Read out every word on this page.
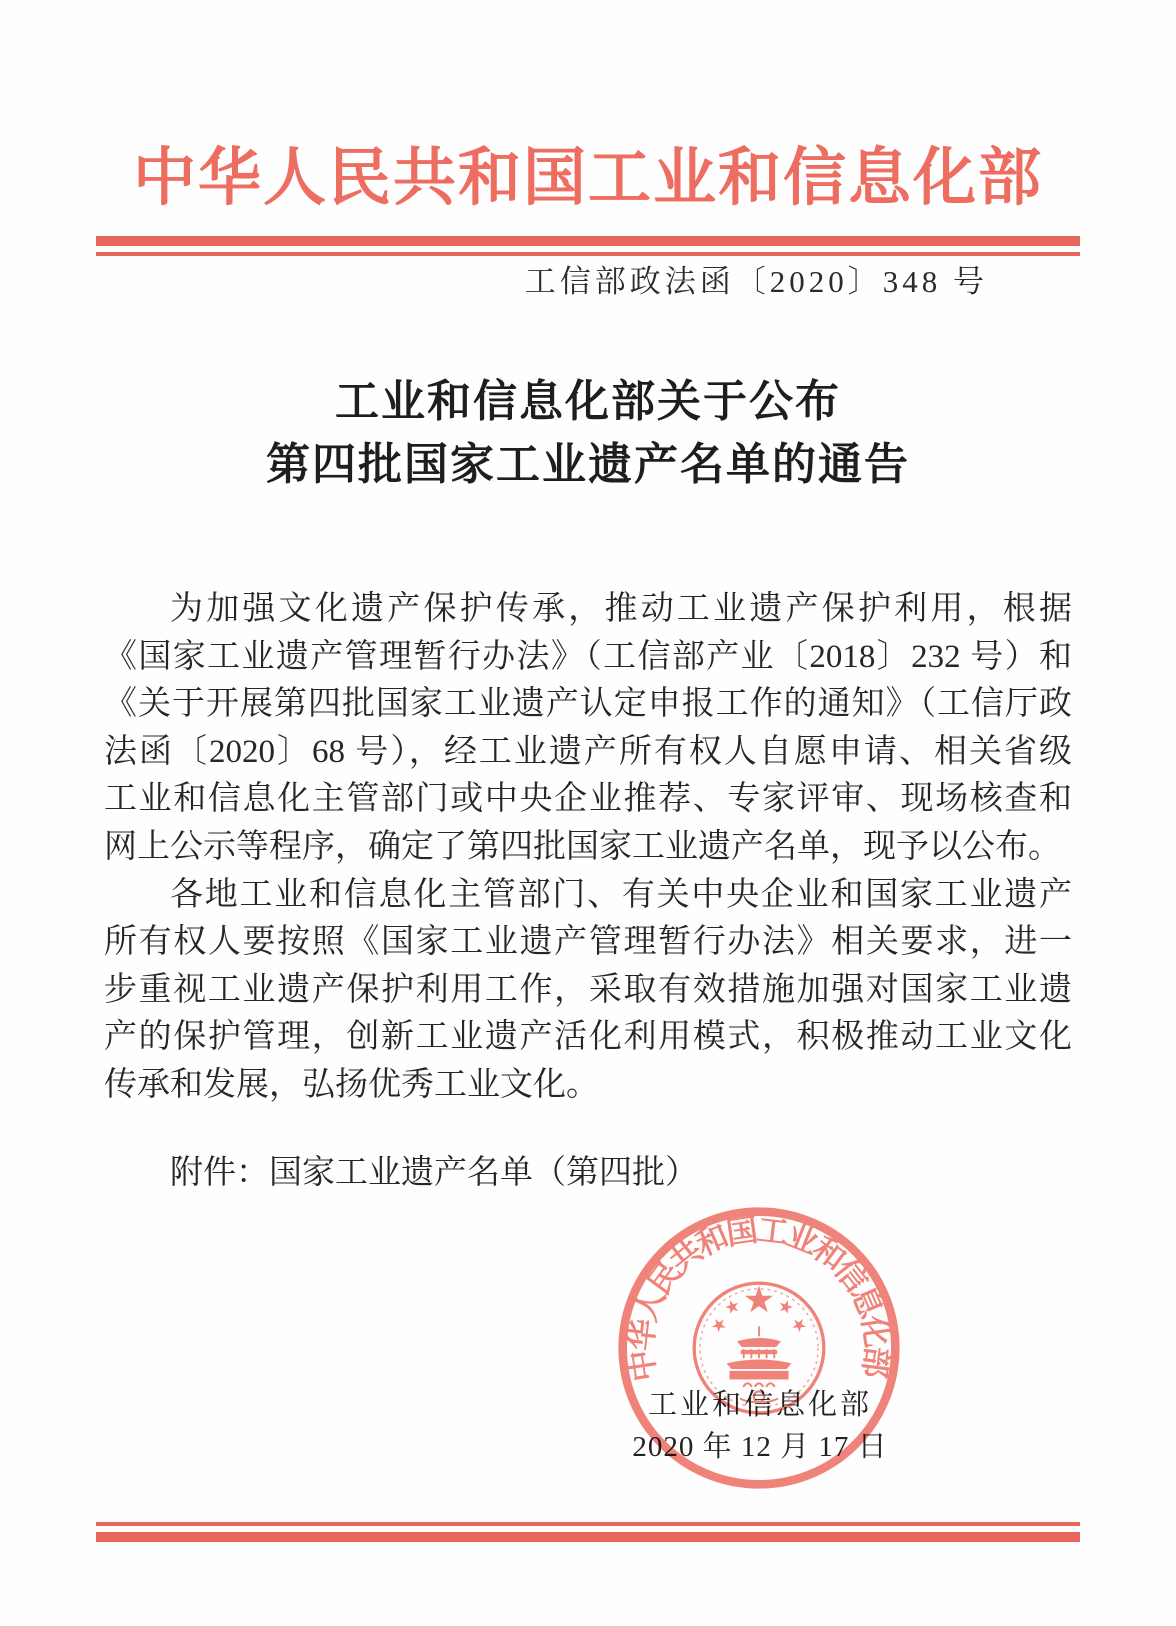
中华人民共和国工业和信息化部
工信部政法函〔2020〕348 号
工业和信息化部关于公布
第四批国家工业遗产名单的通告
为加强文化遗产保护传承，推动工业遗产保护利用，根据
《国家工业遗产管理暂行办法》（工信部产业〔2018〕232 号）和
《关于开展第四批国家工业遗产认定申报工作的通知》（工信厅政
法函〔2020〕68 号），经工业遗产所有权人自愿申请、相关省级
工业和信息化主管部门或中央企业推荐、专家评审、现场核查和
网上公示等程序，确定了第四批国家工业遗产名单，现予以公布。
各地工业和信息化主管部门、有关中央企业和国家工业遗产
所有权人要按照《国家工业遗产管理暂行办法》相关要求，进一
步重视工业遗产保护利用工作，采取有效措施加强对国家工业遗
产的保护管理，创新工业遗产活化利用模式，积极推动工业文化
传承和发展，弘扬优秀工业文化。
附件：国家工业遗产名单（第四批）
工业和信息化部
2020 年 12 月 17 日
中华人民共和国工业和信息化部
